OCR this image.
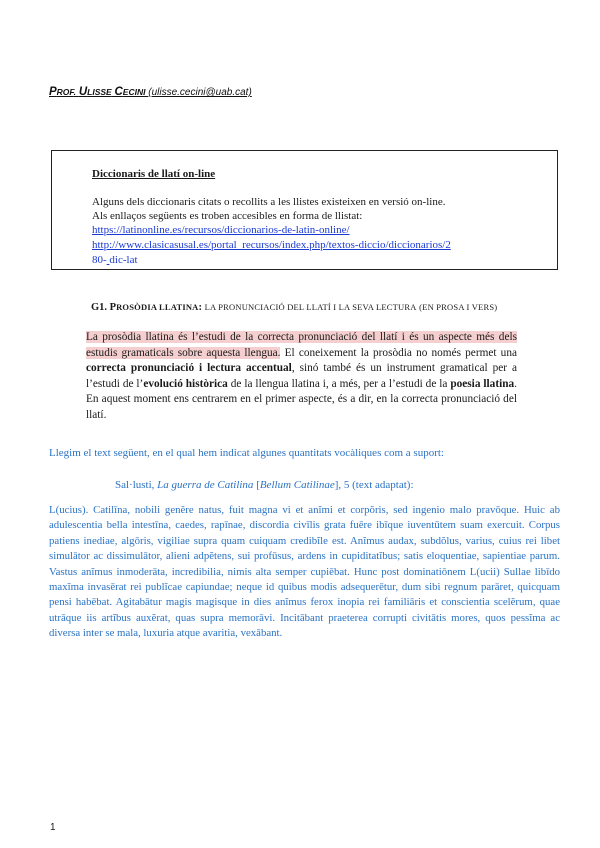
PROF. ULISSE CECINI (ulisse.cecini@uab.cat)
Diccionaris de llatí on-line
Alguns dels diccionaris citats o recollits a les llistes existeixen en versió on-line.
Als enllaços següents es troben accesibles en forma de llistat:
https://latinonline.es/recursos/diccionarios-de-latin-online/
http://www.clasicasusal.es/portal_recursos/index.php/textos-diccio/diccionarios/2
80- dic-lat
G1. PROSÒDIA LLATINA: LA PRONUNCIACIÓ DEL LLATÍ I LA SEVA LECTURA (EN PROSA I VERS)
La prosòdia llatina és l’estudi de la correcta pronunciació del llatí i és un aspecte més dels estudis gramaticals sobre aquesta llengua. El coneixement la prosòdia no només permet una correcta pronunciació i lectura accentual, sinó també és un instrument gramatical per a l’estudi de l’evolució històrica de la llengua llatina i, a més, per a l’estudi de la poesia llatina. En aquest moment ens centrarem en el primer aspecte, és a dir, en la correcta pronunciació del llatí.
Llegim el text següent, en el qual hem indicat algunes quantitats vocàliques com a suport:
Sal·lusti, La guerra de Catilina [Bellum Catilinae], 5 (text adaptat):
L(ucius). Catilīna, nobili genĕre natus, fuit magna vi et anĭmi et corpŏris, sed ingenio malo pravōque. Huic ab adulescentia bella intestīna, caedes, rapīnae, discordia civīlis grata fuēre ibīque iuventūtem suam exercuit. Corpus patiens inediae, algōris, vigiliae supra quam cuiquam credibĭle est. Anĭmus audax, subdŏlus, varius, cuius rei libet simulātor ac dissimulātor, alieni adpĕtens, sui profūsus, ardens in cupiditatĭbus; satis eloquentiae, sapientiae parum. Vastus anĭmus inmoderāta, incredibilia, nimis alta semper cupiēbat. Hunc post dominatiōnem L(ucii) Sullae libīdo maxĭma invasērat rei publĭcae capiundae; neque id quibus modis adsequerētur, dum sibi regnum parāret, quicquam pensi habēbat. Agitabātur magis magisque in dies anĭmus ferox inopia rei familiāris et conscientia scelĕrum, quae utrāque iis artĭbus auxĕrat, quas supra memorāvi. Incitābant praeterea corrupti civitātis mores, quos pessĭma ac diversa inter se mala, luxuria atque avaritia, vexābant.
1
